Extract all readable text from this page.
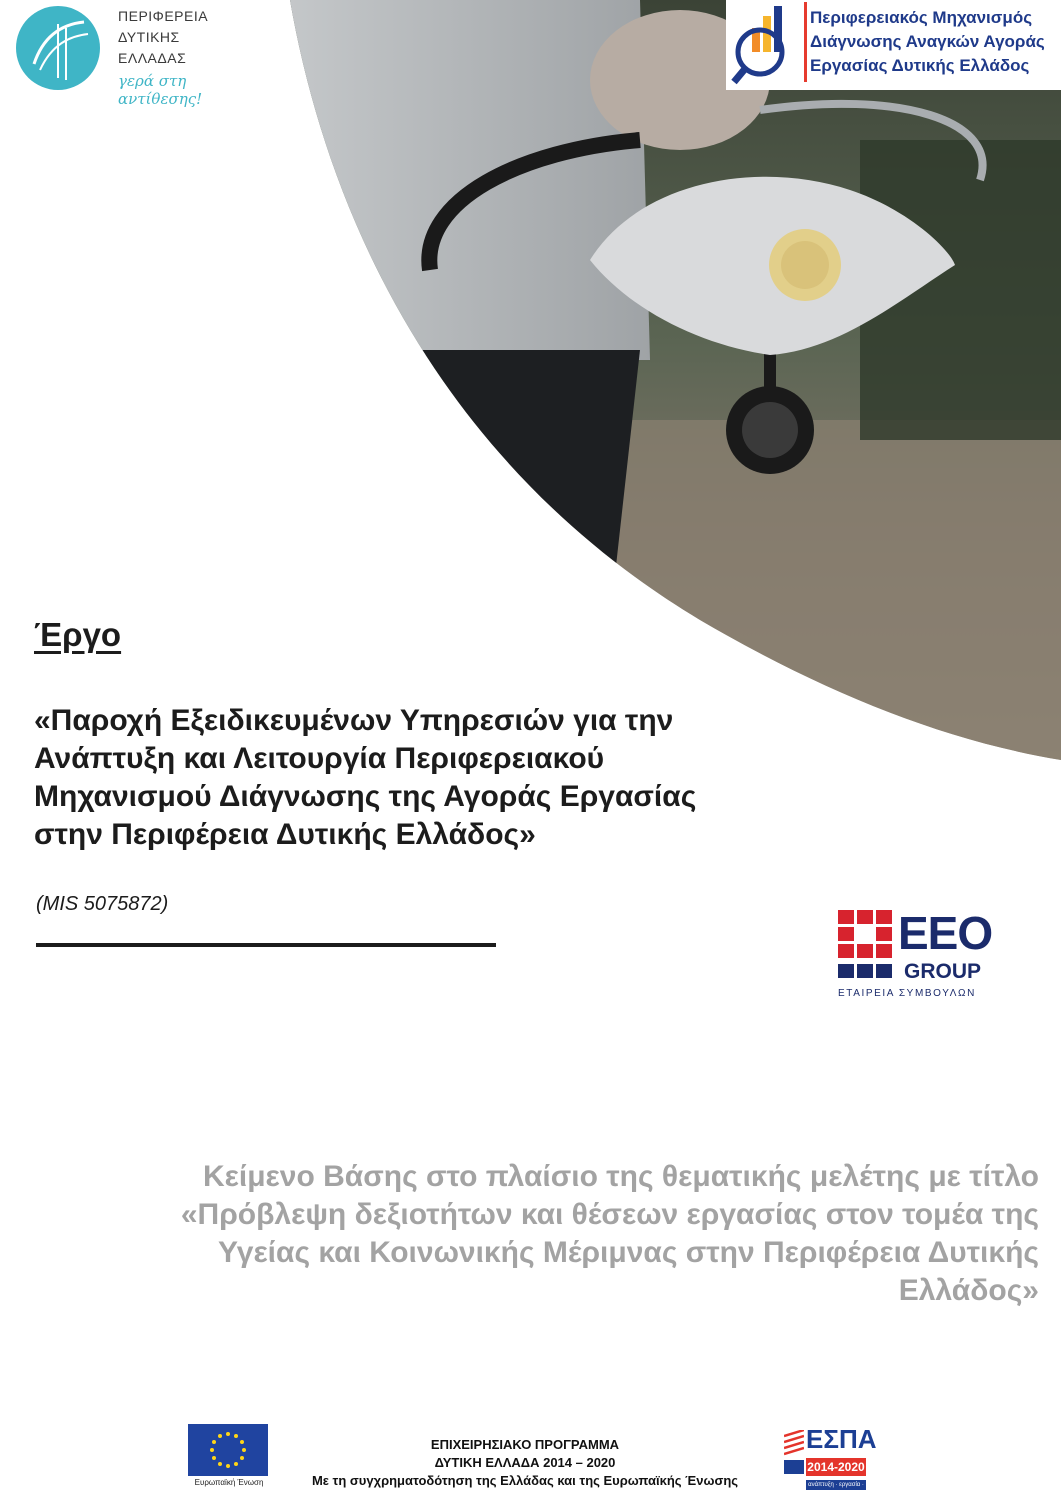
ΠΕΡΙΦΕΡΕΙΑ
ΔΥΤΙΚΗΣ
ΕΛΛΑΔΑΣ
γερά στη αντίθεσης!
Περιφερειακός Μηχανισμός
Διάγνωσης Αναγκών Αγοράς
Εργασίας Δυτικής Ελλάδος
Έργο
«Παροχή Εξειδικευμένων Υπηρεσιών για την Ανάπτυξη και Λειτουργία Περιφερειακού Μηχανισμού Διάγνωσης της Αγοράς Εργασίας στην Περιφέρεια Δυτικής Ελλάδος»
(MIS 5075872)
EEO
GROUP
ΕΤΑΙΡΕΙΑ ΣΥΜΒΟΥΛΩΝ
Κείμενο Βάσης στο πλαίσιο της θεματικής μελέτης με τίτλο «Πρόβλεψη δεξιοτήτων και θέσεων εργασίας στον τομέα της Υγείας και Κοινωνικής Μέριμνας στην Περιφέρεια Δυτικής Ελλάδος»
Ευρωπαϊκή Ένωση
ΕΠΙΧΕΙΡΗΣΙΑΚΟ ΠΡΟΓΡΑΜΜΑ
ΔΥΤΙΚΗ ΕΛΛΑΔΑ 2014 – 2020
Με τη συγχρηματοδότηση της Ελλάδας και της Ευρωπαϊκής Ένωσης
ΕΣΠΑ
2014-2020
ανάπτυξη · εργασία · αλληλεγγύη
